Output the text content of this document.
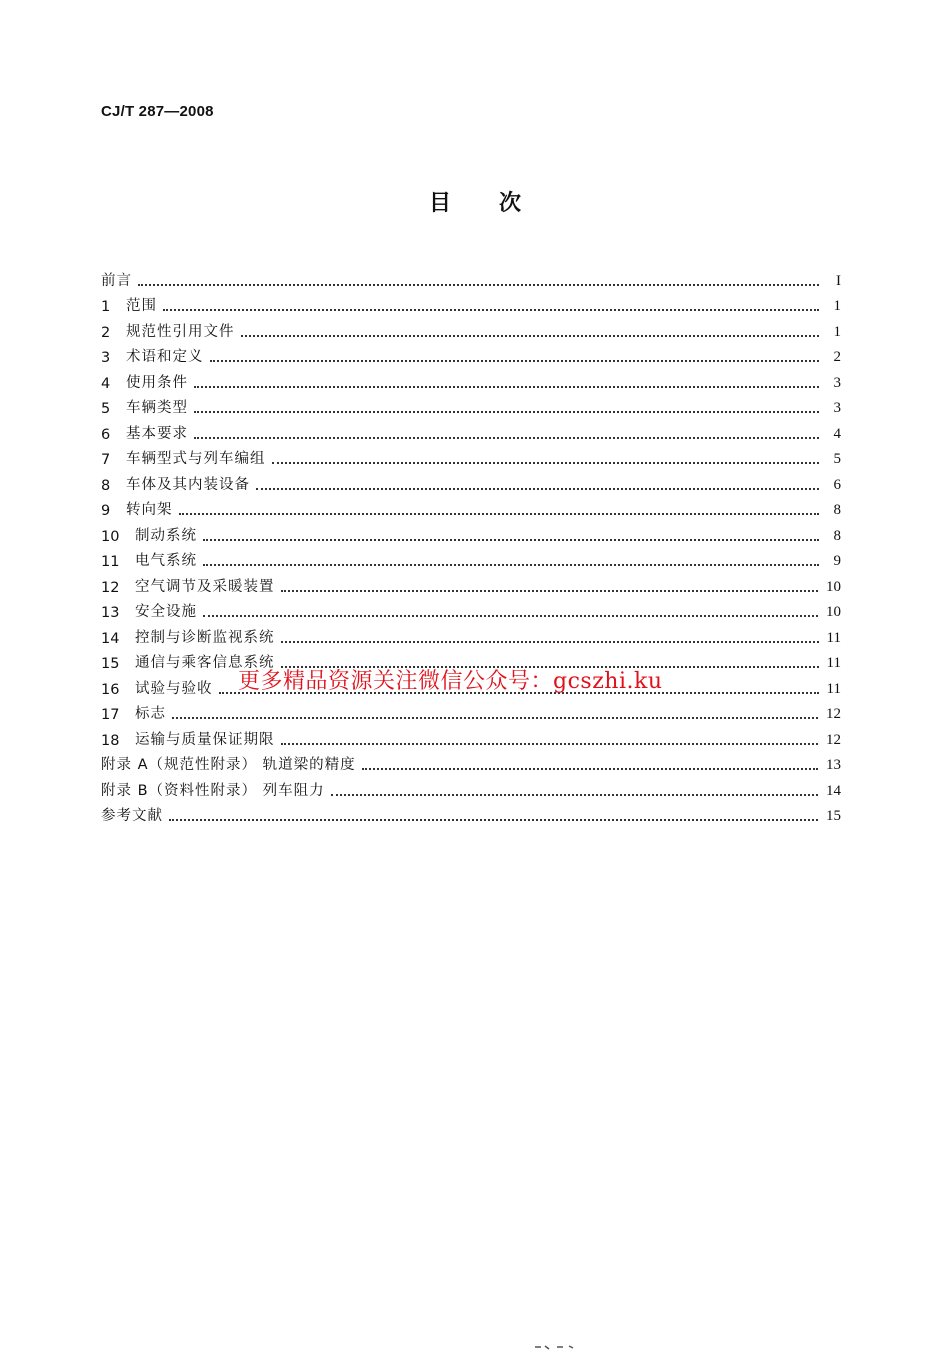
CJ/T 287—2008
目次
前言	I
1	范围	1
2	规范性引用文件	1
3	术语和定义	2
4	使用条件	3
5	车辆类型	3
6	基本要求	4
7	车辆型式与列车编组	5
8	车体及其内装设备	6
9	转向架	8
10	制动系统	8
11	电气系统	9
12	空气调节及采暖装置	10
13	安全设施	10
14	控制与诊断监视系统	11
15	通信与乘客信息系统	11
16	试验与验收	11
17	标志	12
18	运输与质量保证期限	12
附录 A（规范性附录） 轨道梁的精度	13
附录 B（资料性附录） 列车阻力	14
参考文献	15
更多精品资源关注微信公众号：gcszhi.ku
